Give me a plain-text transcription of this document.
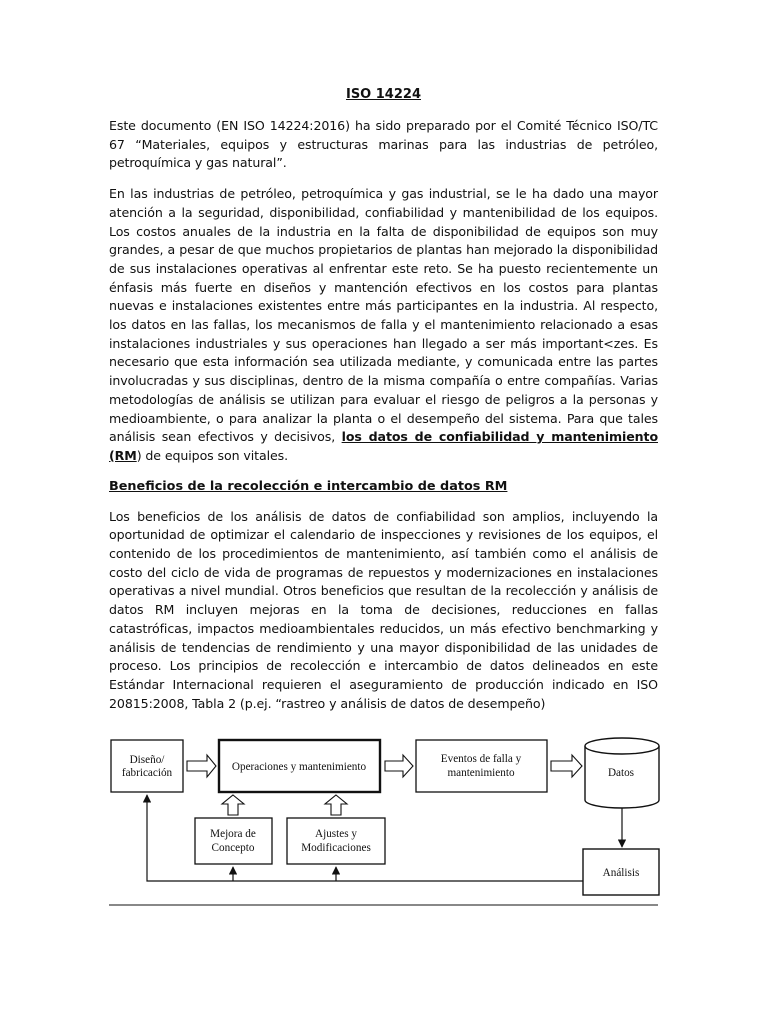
ISO 14224

Este documento (EN ISO 14224:2016) ha sido preparado por el Comité Técnico ISO/TC 67 “Materiales, equipos y estructuras marinas para las industrias de petróleo, petroquímica y gas natural”.

En las industrias de petróleo, petroquímica y gas industrial, se le ha dado una mayor atención a la seguridad, disponibilidad, confiabilidad y mantenibilidad de los equipos. Los costos anuales de la industria en la falta de disponibilidad de equipos son muy grandes, a pesar de que muchos propietarios de plantas han mejorado la disponibilidad de sus instalaciones operativas al enfrentar este reto. Se ha puesto recientemente un énfasis más fuerte en diseños y mantención efectivos en los costos para plantas nuevas e instalaciones existentes entre más participantes en la industria. Al respecto, los datos en las fallas, los mecanismos de falla y el mantenimiento relacionado a esas instalaciones industriales y sus operaciones han llegado a ser más important<zes. Es necesario que esta información sea utilizada mediante, y comunicada entre las partes involucradas y sus disciplinas, dentro de la misma compañía o entre compañías. Varias metodologías de análisis se utilizan para evaluar el riesgo de peligros a la personas y medioambiente, o para analizar la planta o el desempeño del sistema. Para que tales análisis sean efectivos y decisivos, los datos de confiabilidad y mantenimiento (RM) de equipos son vitales.

Beneficios de la recolección e intercambio de datos RM

Los beneficios de los análisis de datos de confiabilidad son amplios, incluyendo la oportunidad de optimizar el calendario de inspecciones y revisiones de los equipos, el contenido de los procedimientos de mantenimiento, así también como el análisis de costo del ciclo de vida de programas de repuestos y modernizaciones en instalaciones operativas a nivel mundial. Otros beneficios que resultan de la recolección y análisis de datos RM incluyen mejoras en la toma de decisiones, reducciones en fallas catastróficas, impactos medioambientales reducidos, un más efectivo benchmarking y análisis de tendencias de rendimiento y una mayor disponibilidad de las unidades de proceso. Los principios de recolección e intercambio de datos delineados en este Estándar Internacional requieren el aseguramiento de producción indicado en ISO 20815:2008, Tabla 2 (p.ej. “rastreo y análisis de datos de desempeño)

Diseño/
fabricación	Operaciones y mantenimiento
Eventos de falla y
mantenimiento	Datos
Mejora de
Concepto
Ajustes y
Modificaciones
Análisis
